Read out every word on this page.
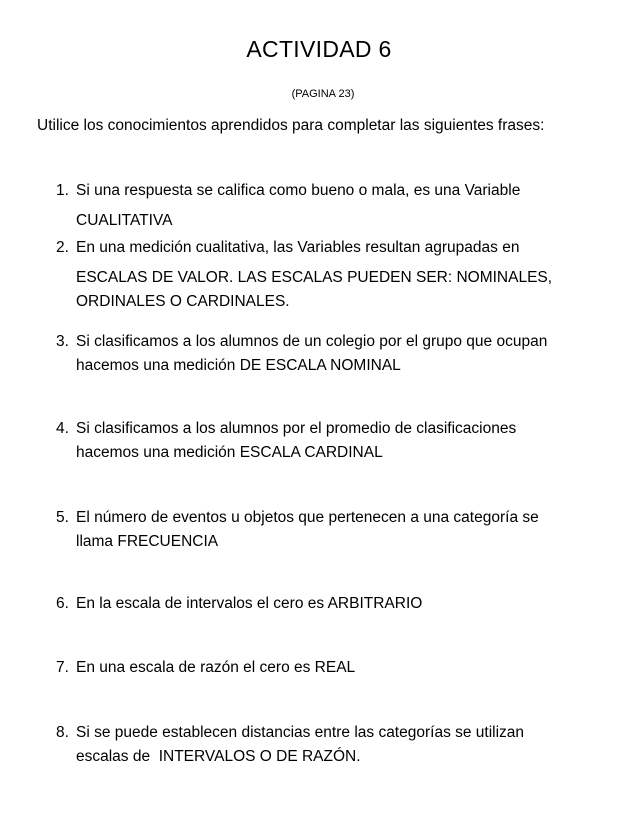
ACTIVIDAD 6
(PAGINA 23)
Utilice los conocimientos aprendidos para completar las siguientes frases:
1. Si una respuesta se califica como bueno o mala, es una Variable
CUALITATIVA
2. En una medición cualitativa, las Variables resultan agrupadas en
ESCALAS DE VALOR. LAS ESCALAS PUEDEN SER: NOMINALES,
ORDINALES O CARDINALES.
3. Si clasificamos a los alumnos de un colegio por el grupo que ocupan
hacemos una medición DE ESCALA NOMINAL
4. Si clasificamos a los alumnos por el promedio de clasificaciones
hacemos una medición ESCALA CARDINAL
5. El número de eventos u objetos que pertenecen a una categoría se
llama FRECUENCIA
6. En la escala de intervalos el cero es ARBITRARIO
7. En una escala de razón el cero es REAL
8. Si se puede establecen distancias entre las categorías se utilizan
escalas de  INTERVALOS O DE RAZÓN.
